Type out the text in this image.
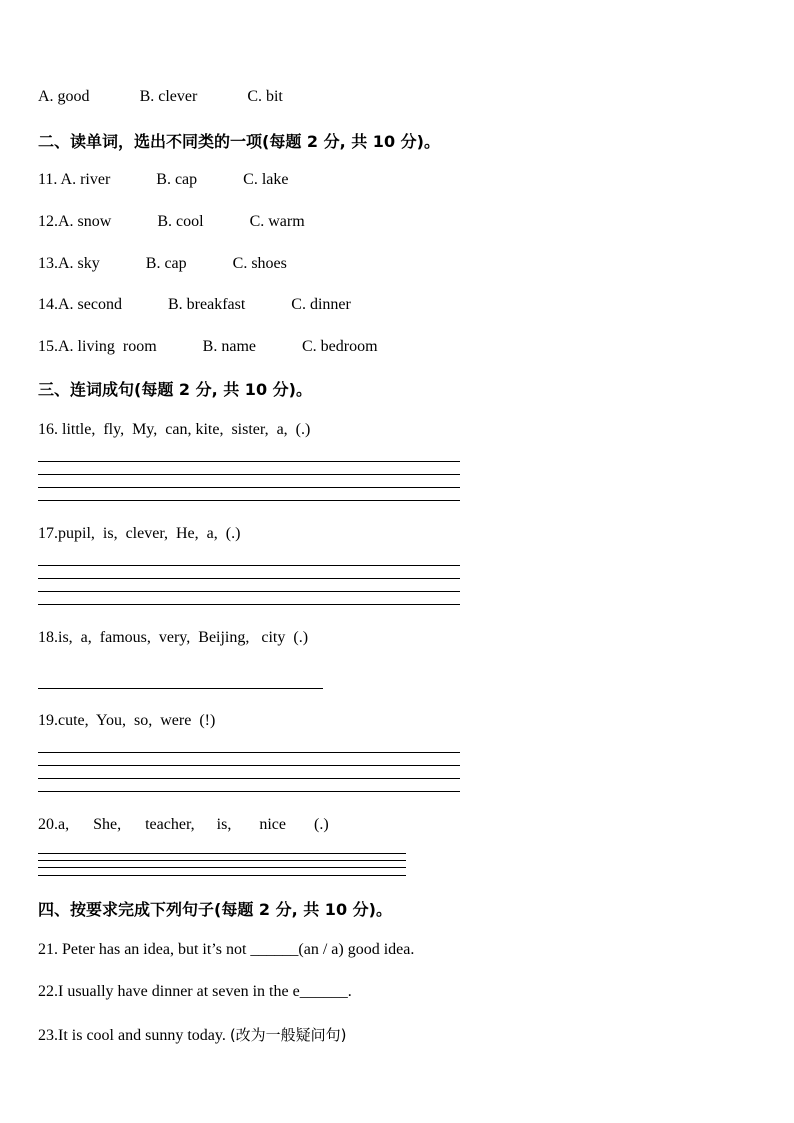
A. good	B. clever	C. bit
二、读单词，选出不同类的一项(每题 2 分, 共 10 分)。
11. A. river	B. cap	C. lake
12.A. snow	B. cool	C. warm
13.A. sky	B. cap	C. shoes
14.A. second	B. breakfast	C. dinner
15.A. living  room	B. name	C. bedroom
三、连词成句(每题 2 分, 共 10 分)。
16. little,  fly,  My,  can, kite,  sister,  a,  (.)
17.pupil,  is,  clever,  He,  a,  (.)
18.is,  a,  famous,  very,  Beijing,   city  (.)
19.cute,  You,  so,  were  (!)
20.a, She, teacher, is, nice (.)
四、按要求完成下列句子(每题 2 分, 共 10 分)。
21. Peter has an idea, but it’s not ______(an / a) good idea.
22.I usually have dinner at seven in the e______.
23.It is cool and sunny today. (改为一般疑问句)
